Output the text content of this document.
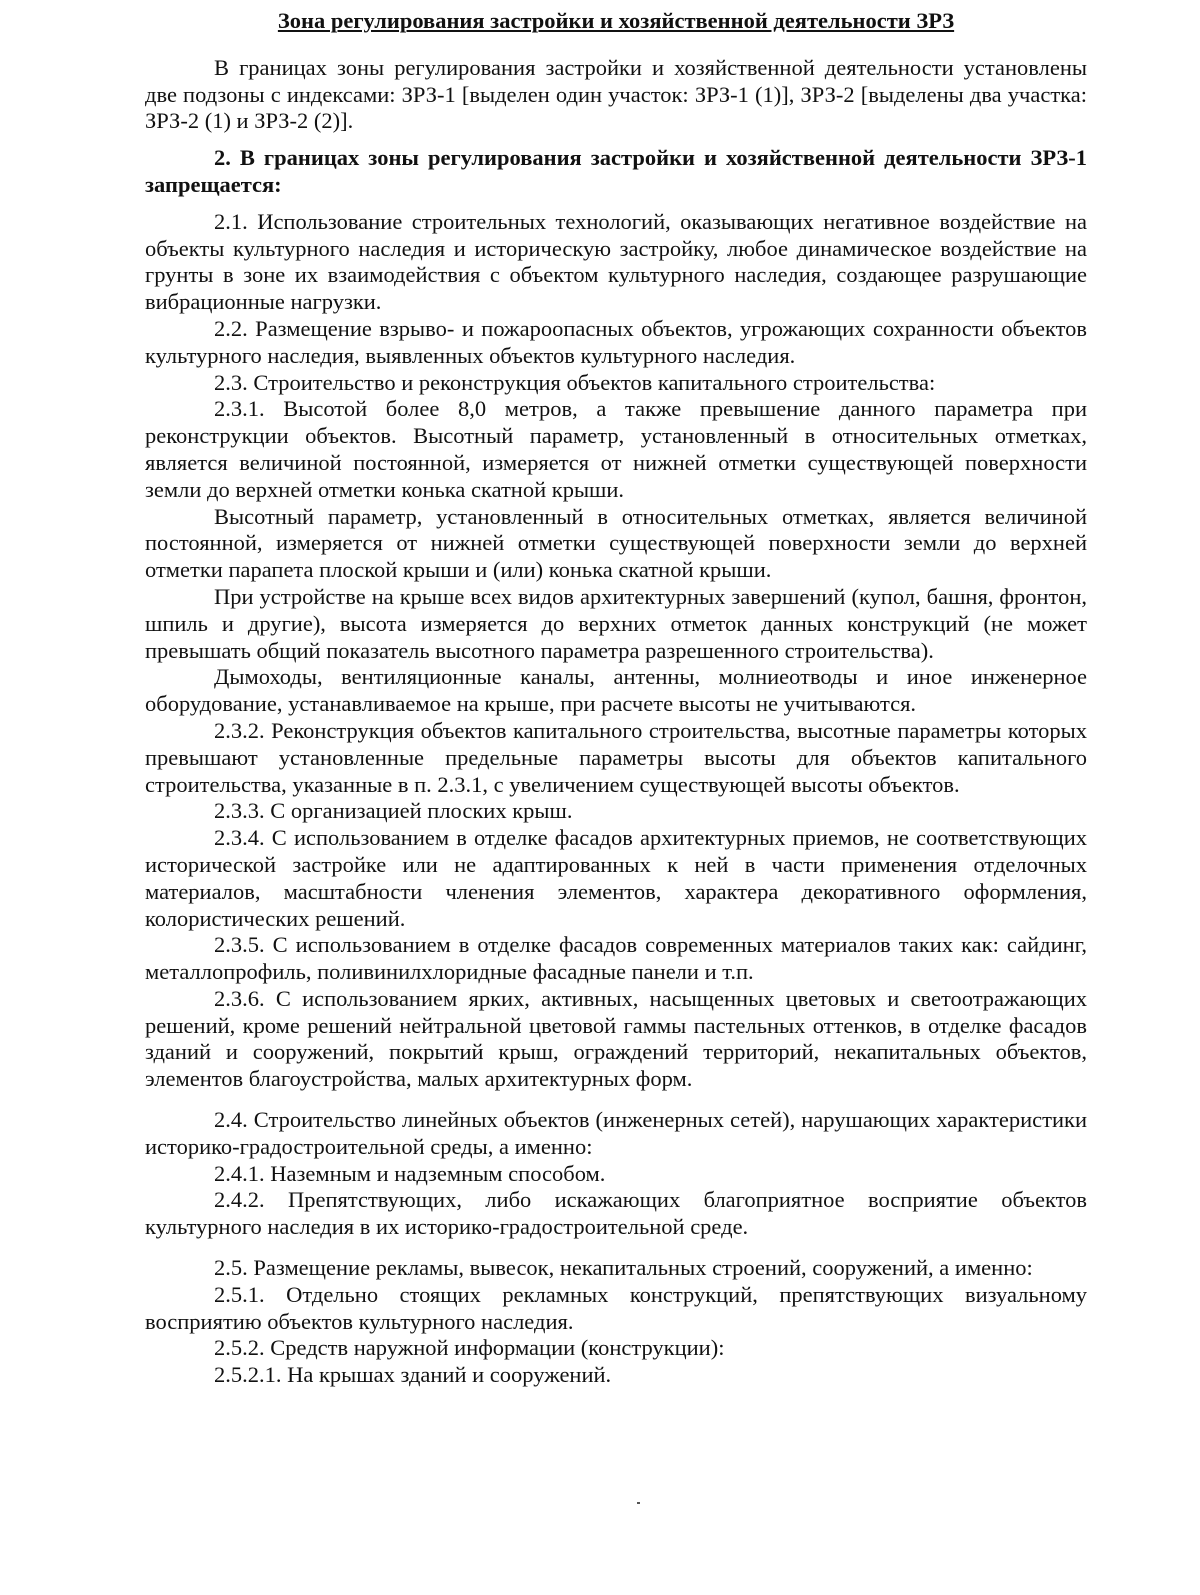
Зона регулирования застройки и хозяйственной деятельности ЗРЗ

В границах зоны регулирования застройки и хозяйственной деятельности установлены две подзоны с индексами: ЗРЗ-1 [выделен один участок: ЗРЗ-1 (1)], ЗРЗ-2 [выделены два участка: ЗРЗ-2 (1) и ЗРЗ-2 (2)].

2. В границах зоны регулирования застройки и хозяйственной деятельности ЗРЗ-1 запрещается:

2.1. Использование строительных технологий, оказывающих негативное воздействие на объекты культурного наследия и историческую застройку, любое динамическое воздействие на грунты в зоне их взаимодействия с объектом культурного наследия, создающее разрушающие вибрационные нагрузки.

2.2. Размещение взрыво- и пожароопасных объектов, угрожающих сохранности объектов культурного наследия, выявленных объектов культурного наследия.

2.3. Строительство и реконструкция объектов капитального строительства:

2.3.1. Высотой более 8,0 метров, а также превышение данного параметра при реконструкции объектов. Высотный параметр, установленный в относительных отметках, является величиной постоянной, измеряется от нижней отметки существующей поверхности земли до верхней отметки конька скатной крыши.

Высотный параметр, установленный в относительных отметках, является величиной постоянной, измеряется от нижней отметки существующей поверхности земли до верхней отметки парапета плоской крыши и (или) конька скатной крыши.

При устройстве на крыше всех видов архитектурных завершений (купол, башня, фронтон, шпиль и другие), высота измеряется до верхних отметок данных конструкций (не может превышать общий показатель высотного параметра разрешенного строительства).

Дымоходы, вентиляционные каналы, антенны, молниеотводы и иное инженерное оборудование, устанавливаемое на крыше, при расчете высоты не учитываются.

2.3.2. Реконструкция объектов капитального строительства, высотные параметры которых превышают установленные предельные параметры высоты для объектов капитального строительства, указанные в п. 2.3.1, с увеличением существующей высоты объектов.

2.3.3. С организацией плоских крыш.

2.3.4. С использованием в отделке фасадов архитектурных приемов, не соответствующих исторической застройке или не адаптированных к ней в части применения отделочных материалов, масштабности членения элементов, характера декоративного оформления, колористических решений.

2.3.5. С использованием в отделке фасадов современных материалов таких как: сайдинг, металлопрофиль, поливинилхлоридные фасадные панели и т.п.

2.3.6. С использованием ярких, активных, насыщенных цветовых и светоотражающих решений, кроме решений нейтральной цветовой гаммы пастельных оттенков, в отделке фасадов зданий и сооружений, покрытий крыш, ограждений территорий, некапитальных объектов, элементов благоустройства, малых архитектурных форм.

2.4. Строительство линейных объектов (инженерных сетей), нарушающих характеристики историко-градостроительной среды, а именно:

2.4.1. Наземным и надземным способом.

2.4.2. Препятствующих, либо искажающих благоприятное восприятие объектов культурного наследия в их историко-градостроительной среде.

2.5. Размещение рекламы, вывесок, некапитальных строений, сооружений, а именно:

2.5.1. Отдельно стоящих рекламных конструкций, препятствующих визуальному восприятию объектов культурного наследия.

2.5.2. Средств наружной информации (конструкции):

2.5.2.1. На крышах зданий и сооружений.
